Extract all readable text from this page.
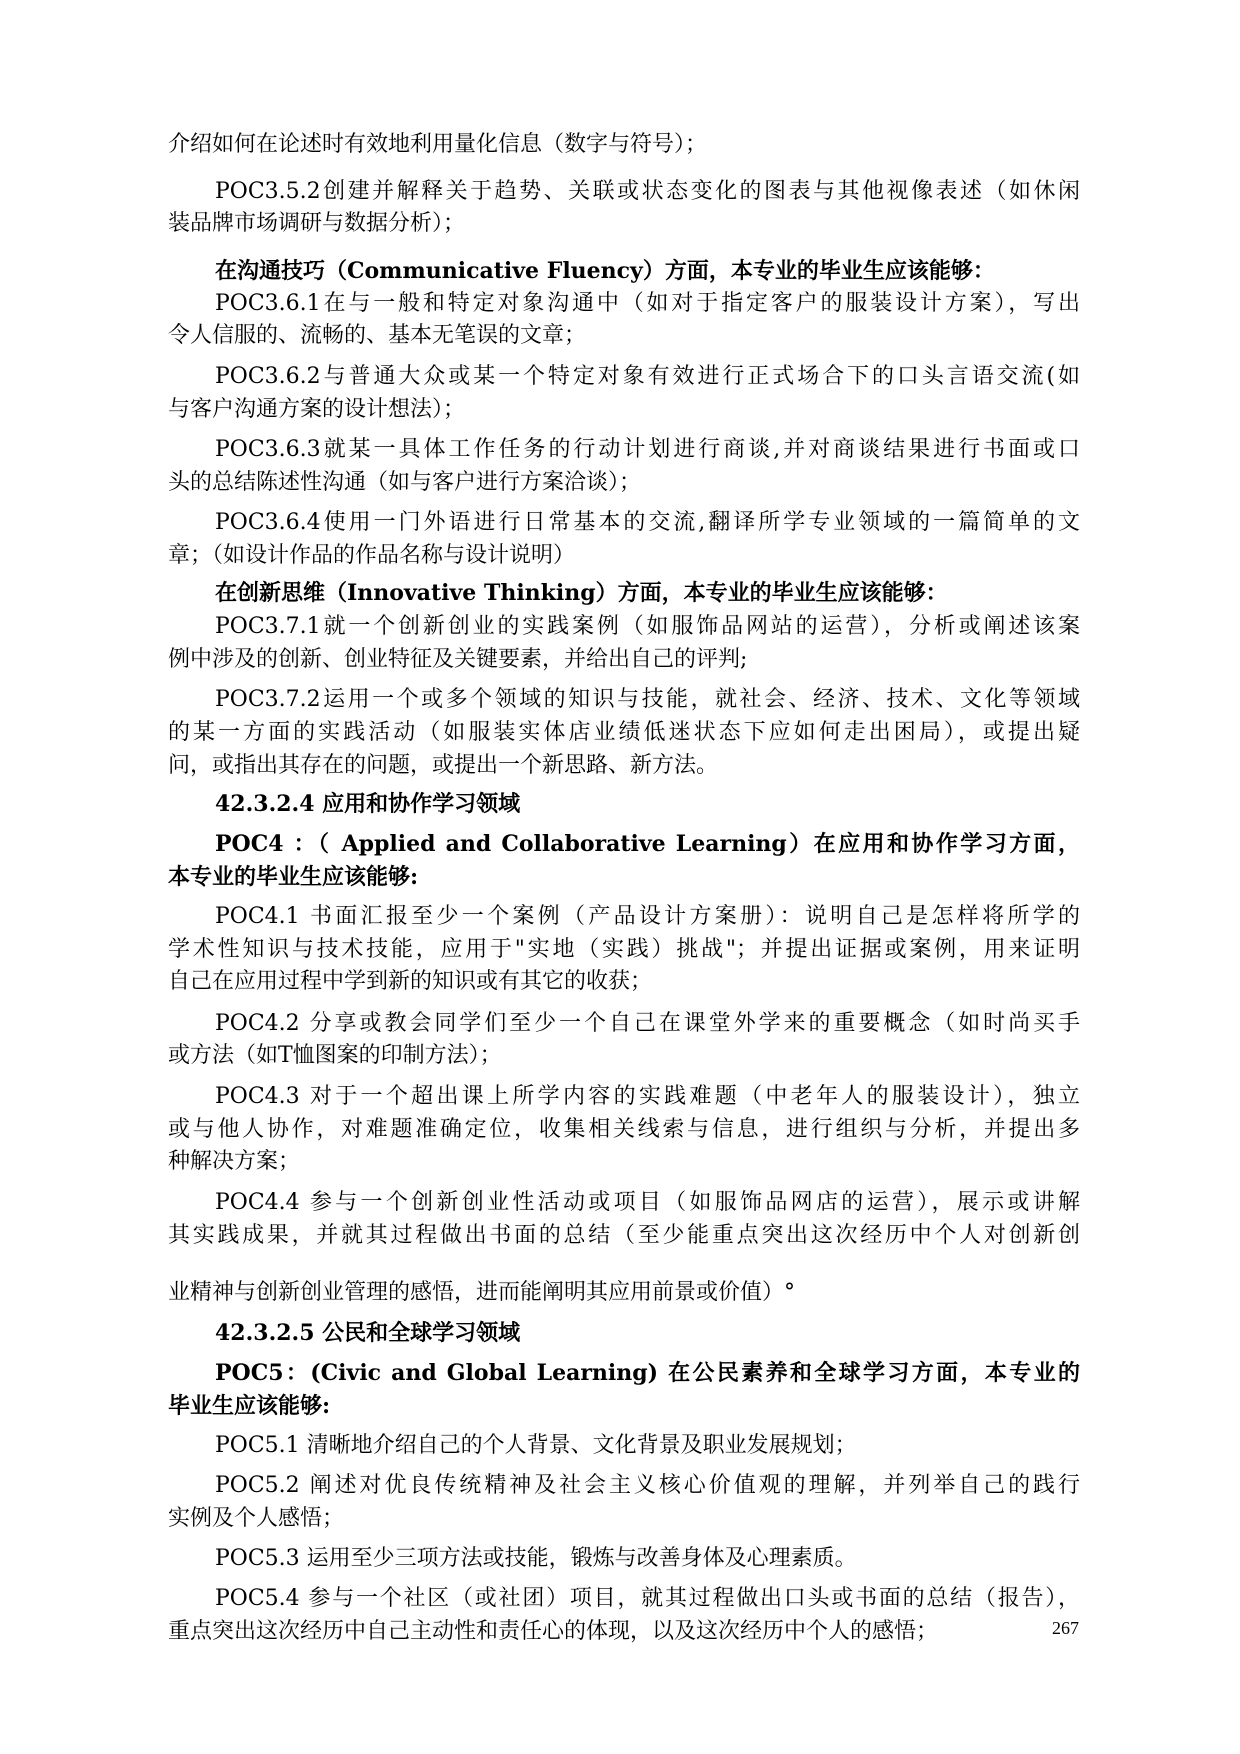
介绍如何在论述时有效地利用量化信息（数字与符号）；
POC3.5.2创建并解释关于趋势、关联或状态变化的图表与其他视像表述（如休闲
装品牌市场调研与数据分析）；
在沟通技巧（Communicative Fluency）方面，本专业的毕业生应该能够：
POC3.6.1在与一般和特定对象沟通中（如对于指定客户的服装设计方案），写出
令人信服的、流畅的、基本无笔误的文章；
POC3.6.2与普通大众或某一个特定对象有效进行正式场合下的口头言语交流(如
与客户沟通方案的设计想法）；
POC3.6.3就某一具体工作任务的行动计划进行商谈,并对商谈结果进行书面或口
头的总结陈述性沟通（如与客户进行方案洽谈）；
POC3.6.4使用一门外语进行日常基本的交流,翻译所学专业领域的一篇简单的文
章；（如设计作品的作品名称与设计说明）
在创新思维（Innovative Thinking）方面，本专业的毕业生应该能够：
POC3.7.1就一个创新创业的实践案例（如服饰品网站的运营），分析或阐述该案
例中涉及的创新、创业特征及关键要素，并给出自己的评判;
POC3.7.2运用一个或多个领域的知识与技能，就社会、经济、技术、文化等领域
的某一方面的实践活动（如服装实体店业绩低迷状态下应如何走出困局），或提出疑
问，或指出其存在的问题，或提出一个新思路、新方法。
42.3.2.4 应用和协作学习领域
POC4 ：（ Applied and Collaborative Learning）在应用和协作学习方面，
本专业的毕业生应该能够:
POC4.1 书面汇报至少一个案例（产品设计方案册）：说明自己是怎样将所学的
学术性知识与技术技能，应用于"实地（实践）挑战"；并提出证据或案例，用来证明
自己在应用过程中学到新的知识或有其它的收获；
POC4.2 分享或教会同学们至少一个自己在课堂外学来的重要概念（如时尚买手
或方法（如T恤图案的印制方法）；
POC4.3 对于一个超出课上所学内容的实践难题（中老年人的服装设计），独立
或与他人协作，对难题准确定位，收集相关线索与信息，进行组织与分析，并提出多
种解决方案；
POC4.4 参与一个创新创业性活动或项目（如服饰品网店的运营），展示或讲解
其实践成果，并就其过程做出书面的总结（至少能重点突出这次经历中个人对创新创
业精神与创新创业管理的感悟，进而能阐明其应用前景或价值）°
42.3.2.5 公民和全球学习领域
POC5：(Civic and Global Learning) 在公民素养和全球学习方面，本专业的
毕业生应该能够:
POC5.1 清晰地介绍自己的个人背景、文化背景及职业发展规划；
POC5.2 阐述对优良传统精神及社会主义核心价值观的理解，并列举自己的践行
实例及个人感悟；
POC5.3 运用至少三项方法或技能，锻炼与改善身体及心理素质。
POC5.4 参与一个社区（或社团）项目，就其过程做出口头或书面的总结（报告），
重点突出这次经历中自己主动性和责任心的体现，以及这次经历中个人的感悟；	267
